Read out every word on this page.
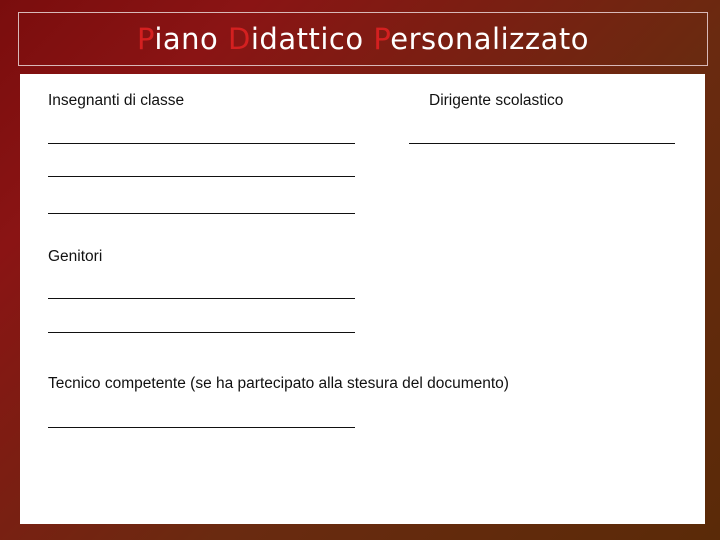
Piano Didattico Personalizzato
Insegnanti di classe	Dirigente scolastico
Genitori
Tecnico competente (se ha partecipato alla stesura del documento)
